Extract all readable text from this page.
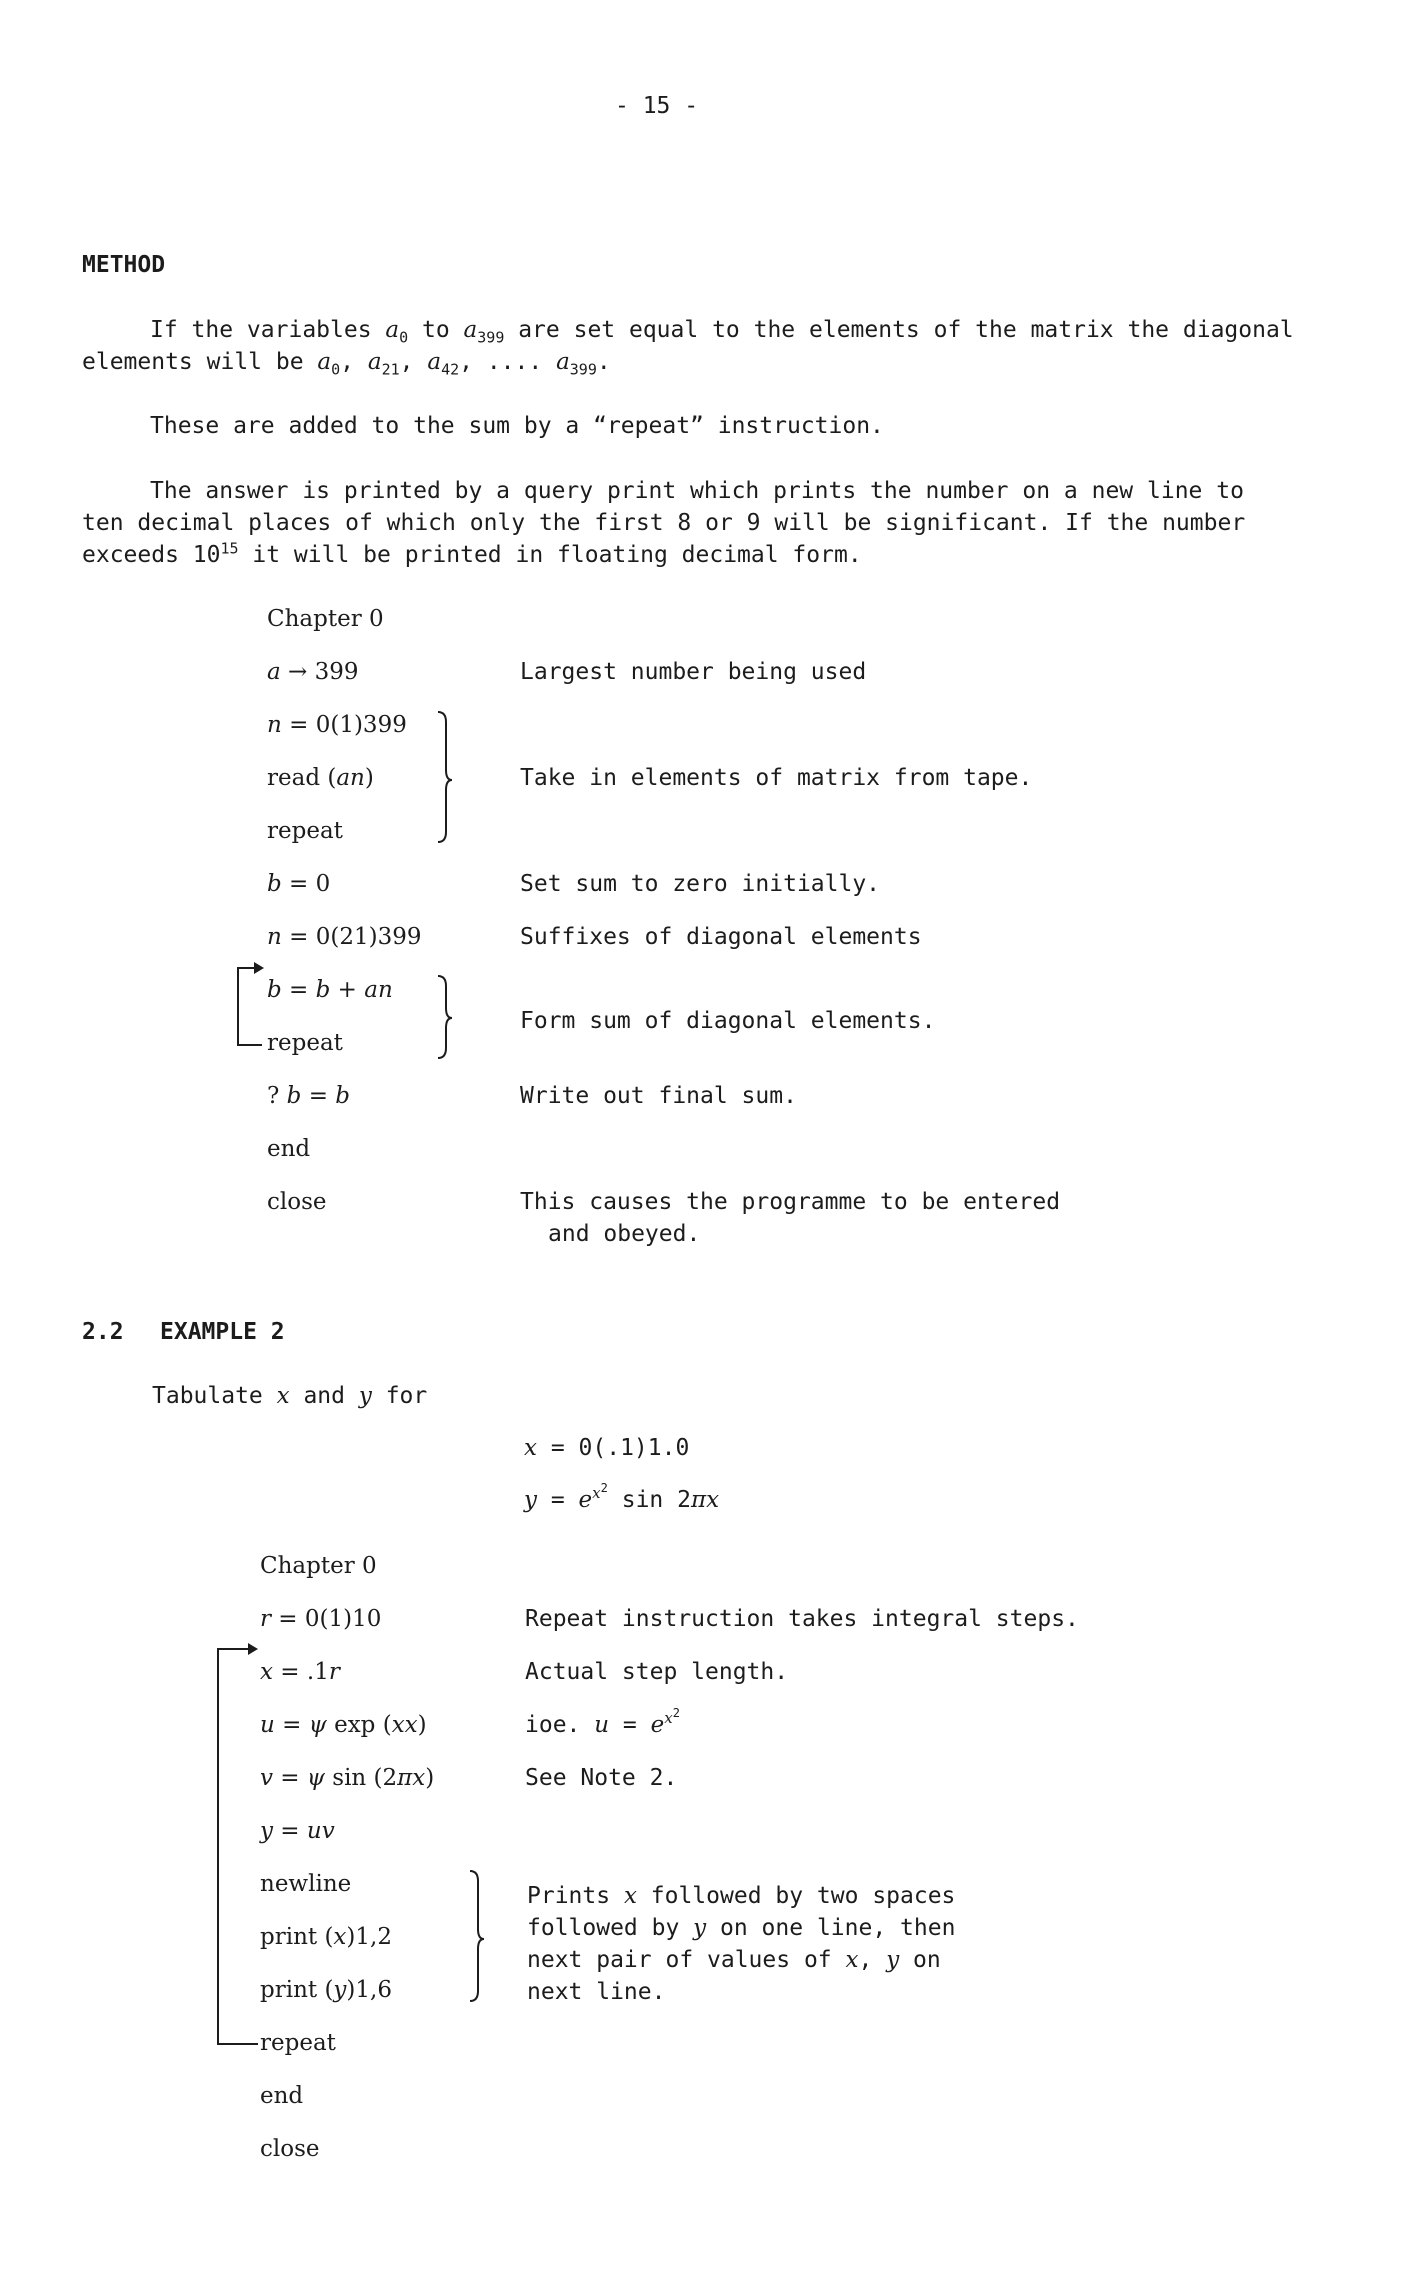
- 15 -
METHOD
If the variables $a_0$ to $a_{399}$ are set equal to the elements of the matrix the diagonal
elements will be $a_0$, $a_{21}$, $a_{42}$, .... $a_{399}$.
These are added to the sum by a “repeat” instruction.
The answer is printed by a query print which prints the number on a new line to
ten decimal places of which only the first 8 or 9 will be significant. If the number
exceeds $10^{15}$ it will be printed in floating decimal form.
Chapter 0
a → 399
n = 0(1)399
read (an)
repeat
b = 0
n = 0(21)399
b = b + an
repeat
? b = b
end
close
Largest number being used
Take in elements of matrix from tape.
Set sum to zero initially.
Suffixes of diagonal elements
Form sum of diagonal elements.
Write out final sum.
This causes the programme to be entered
and obeyed.
2.2 EXAMPLE 2
Tabulate x and y for
x = 0(.1)1.0
$y = e^{x^2}$ sin 2πx
Chapter 0
r = 0(1)10
x = .1r
u = ψ exp (xx)
v = ψ sin (2πx)
y = uv
newline
print (x)1,2
print (y)1,6
repeat
end
close
Repeat instruction takes integral steps.
Actual step length.
ioe. $u = e^{x^2}$
See Note 2.
Prints x followed by two spaces
followed by y on one line, then
next pair of values of x, y on
next line.
